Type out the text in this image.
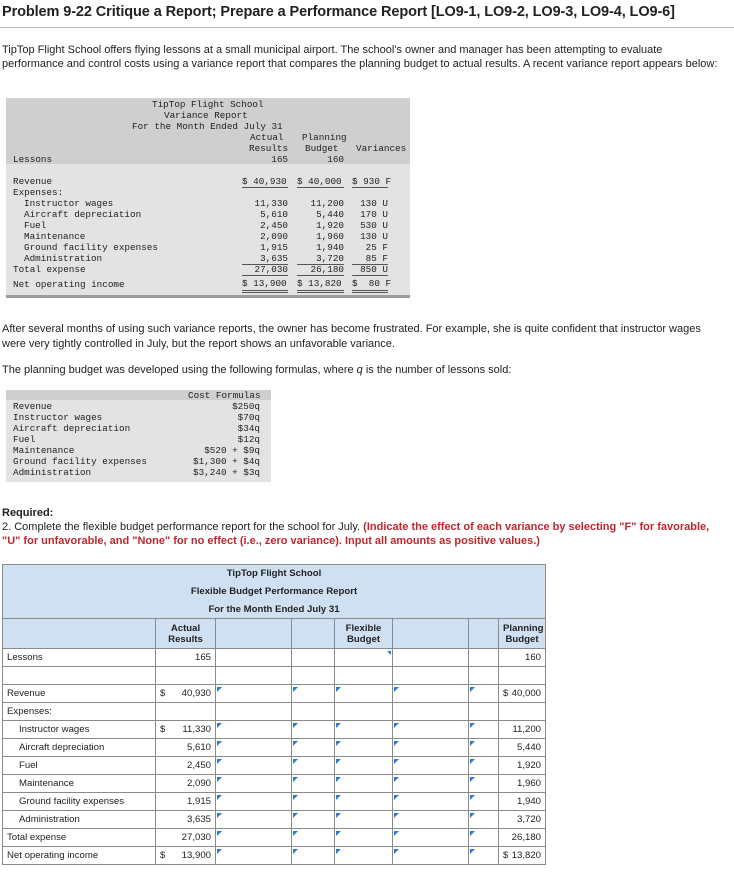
Problem 9-22 Critique a Report; Prepare a Performance Report [LO9-1, LO9-2, LO9-3, LO9-4, LO9-6]
TipTop Flight School offers flying lessons at a small municipal airport. The school's owner and manager has been attempting to evaluate performance and control costs using a variance report that compares the planning budget to actual results. A recent variance report appears below:
TipTop Flight School
Variance Report
For the Month Ended July 31
Actual
Results
Planning
Budget Variances
Lessons	165	160
Revenue	$ 40,930 $ 40,000 $ 930 F
Expenses:
Instructor wages	11,330	11,200	130 U
Aircraft depreciation	5,610	5,440	170 U
Fuel	2,450	1,920	530 U
Maintenance	2,090	1,960	130 U
Ground facility expenses	1,915	1,940	25 F
Administration	3,635	3,720	85 F
Total expense	27,030	26,180	850 U
Net operating income	$ 13,900 $ 13,820 $  80 F
After several months of using such variance reports, the owner has become frustrated. For example, she is quite confident that instructor wages were very tightly controlled in July, but the report shows an unfavorable variance.
The planning budget was developed using the following formulas, where q is the number of lessons sold:
Cost Formulas
Revenue	$250q
Instructor wages	$70q
Aircraft depreciation	$34q
Fuel	$12q
Maintenance	$520 + $9q
Ground facility expenses	$1,300 + $4q
Administration	$3,240 + $3q
Required:
2. Complete the flexible budget performance report for the school for July. (Indicate the effect of each variance by selecting "F" for favorable, "U" for unfavorable, and "None" for no effect (i.e., zero variance). Input all amounts as positive values.)
TipTop Flight School							
Flexible Budget Performance Report							
For the Month Ended July 31							
	Actual
Results			Flexible
Budget			Planning
Budget
Lessons	165						160

Revenue	$ 40,930						$ 40,000
Expenses:							
Instructor wages	$ 11,330						11,200
Aircraft depreciation	5,610						5,440
Fuel	2,450						1,920
Maintenance	2,090						1,960
Ground facility expenses	1,915						1,940
Administration	3,635						3,720
Total expense	27,030						26,180
Net operating income	$ 13,900						$ 13,820
